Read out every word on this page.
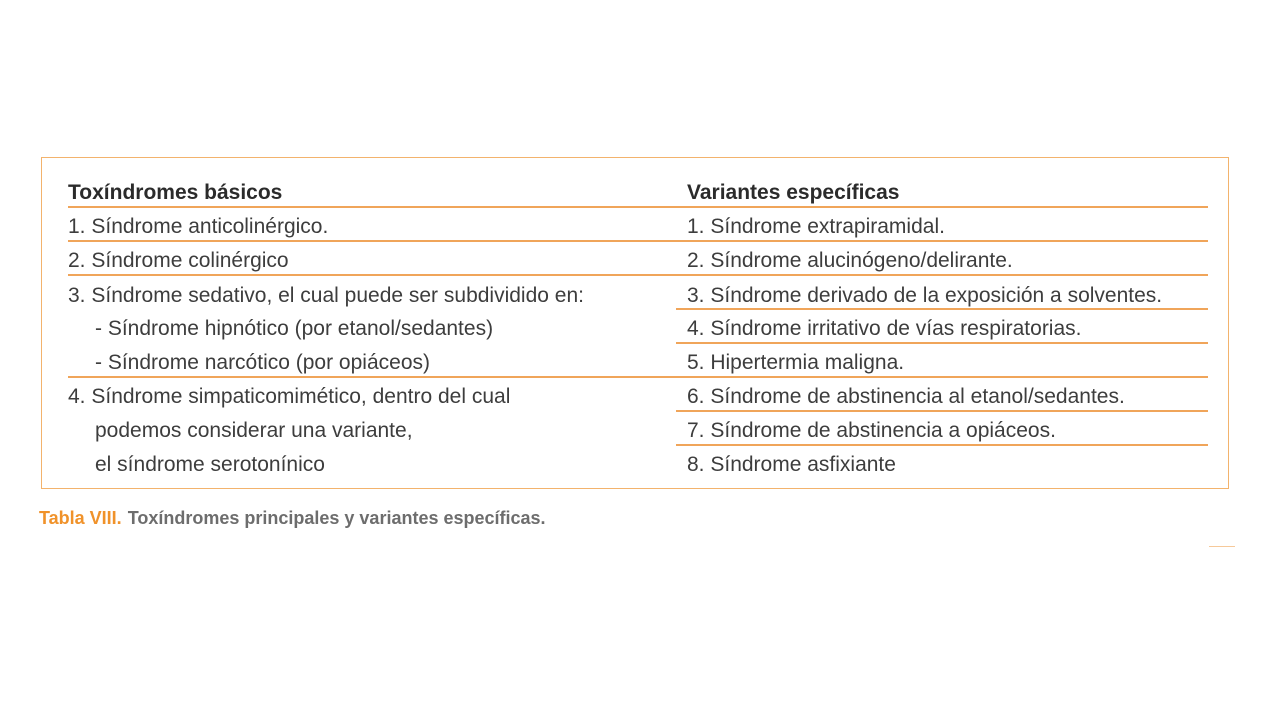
Toxíndromes básicos	Variantes específicas
1. Síndrome anticolinérgico.
2. Síndrome colinérgico
3. Síndrome sedativo, el cual puede ser subdividido en:
- Síndrome hipnótico (por etanol/sedantes)
- Síndrome narcótico (por opiáceos)
4. Síndrome simpaticomimético, dentro del cual
podemos considerar una variante,
el síndrome serotonínico
1. Síndrome extrapiramidal.
2. Síndrome alucinógeno/delirante.
3. Síndrome derivado de la exposición a solventes.
4. Síndrome irritativo de vías respiratorias.
5. Hipertermia maligna.
6. Síndrome de abstinencia al etanol/sedantes.
7. Síndrome de abstinencia a opiáceos.
8. Síndrome asfixiante
Tabla VIII. Toxíndromes principales y variantes específicas.
